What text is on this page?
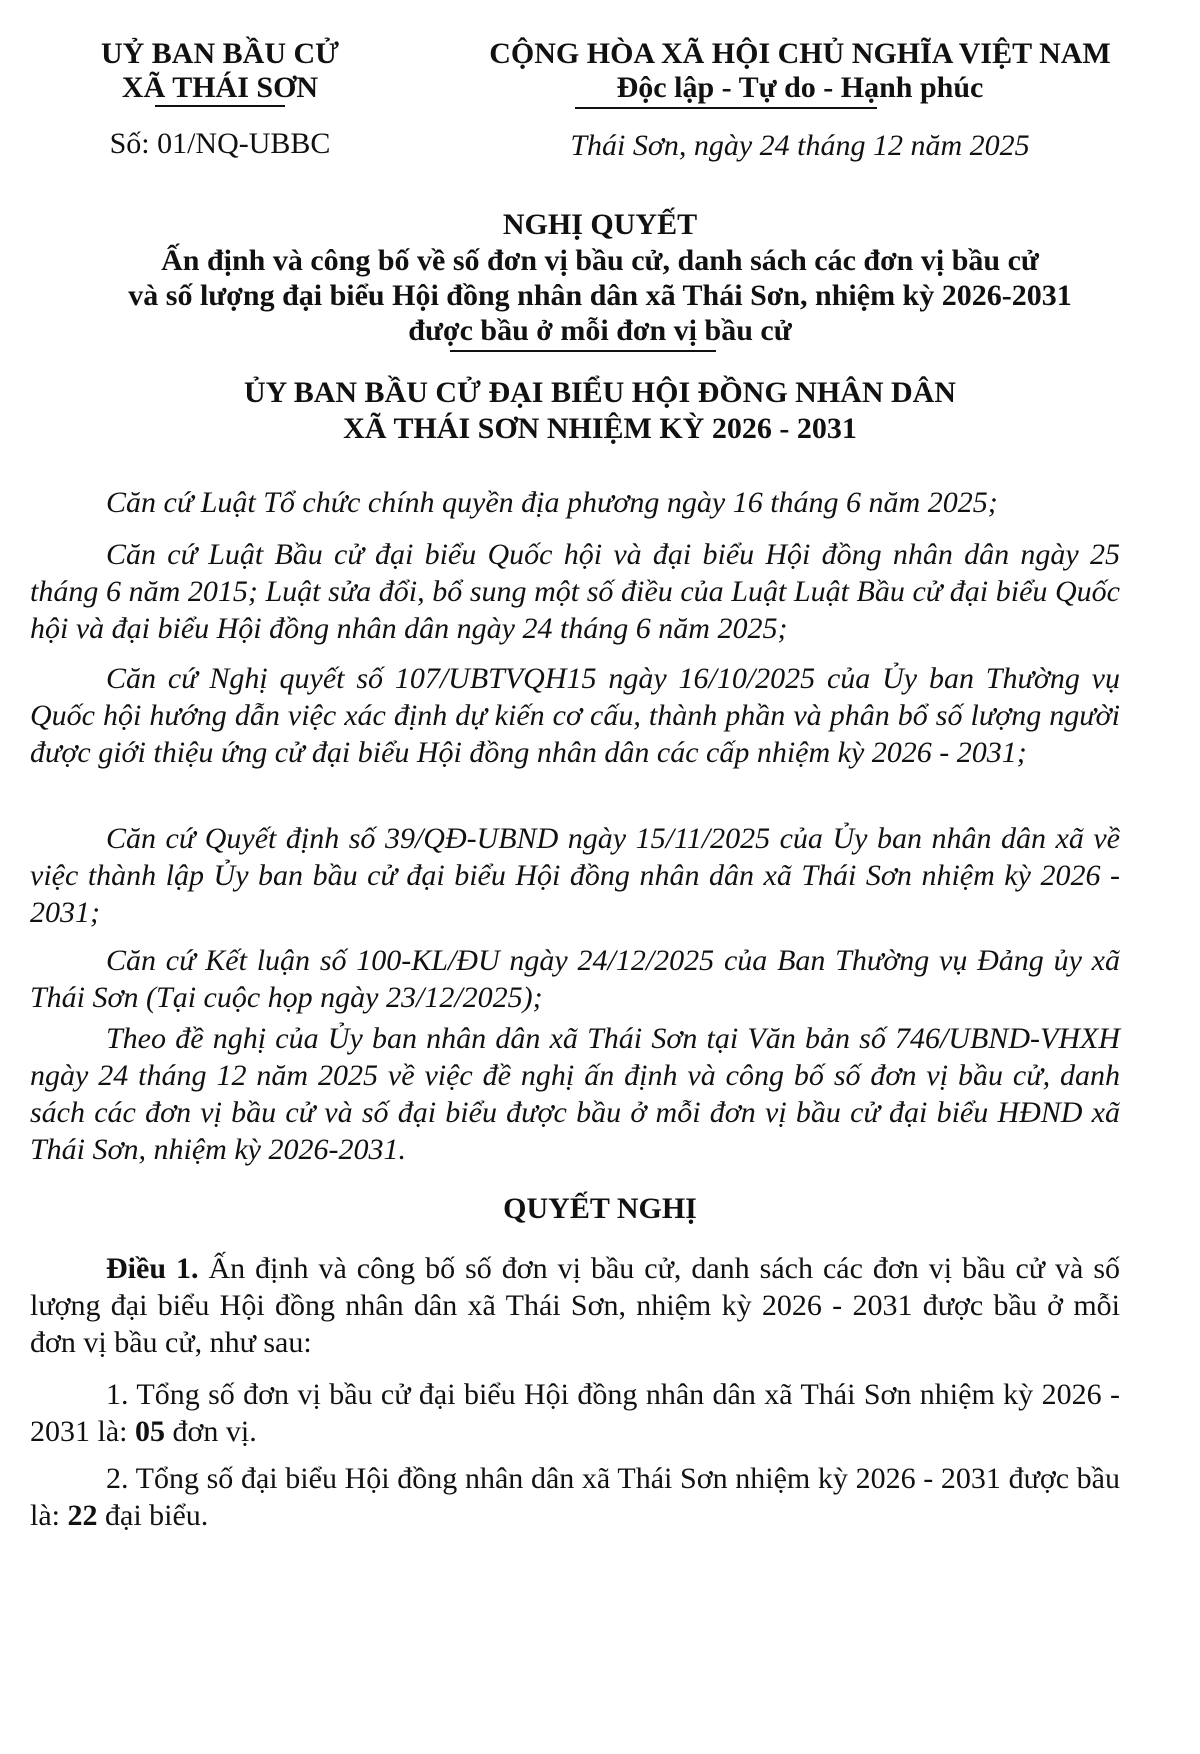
UỶ BAN BẦU CỬ
XÃ THÁI SƠN
Số: 01/NQ-UBBC
CỘNG HÒA XÃ HỘI CHỦ NGHĨA VIỆT NAM
Độc lập - Tự do - Hạnh phúc
Thái Sơn, ngày 24 tháng 12 năm 2025
NGHỊ QUYẾT
Ấn định và công bố về số đơn vị bầu cử, danh sách các đơn vị bầu cử
và số lượng đại biểu Hội đồng nhân dân xã Thái Sơn, nhiệm kỳ 2026-2031
được bầu ở mỗi đơn vị bầu cử
ỦY BAN BẦU CỬ ĐẠI BIỂU HỘI ĐỒNG NHÂN DÂN
XÃ THÁI SƠN NHIỆM KỲ 2026 - 2031
Căn cứ Luật Tổ chức chính quyền địa phương ngày 16 tháng 6 năm 2025;
Căn cứ Luật Bầu cử đại biểu Quốc hội và đại biểu Hội đồng nhân dân ngày 25 tháng 6 năm 2015; Luật sửa đổi, bổ sung một số điều của Luật Luật Bầu cử đại biểu Quốc hội và đại biểu Hội đồng nhân dân ngày 24 tháng 6 năm 2025;
Căn cứ Nghị quyết số 107/UBTVQH15 ngày 16/10/2025 của Ủy ban Thường vụ Quốc hội hướng dẫn việc xác định dự kiến cơ cấu, thành phần và phân bổ số lượng người được giới thiệu ứng cử đại biểu Hội đồng nhân dân các cấp nhiệm kỳ 2026 - 2031;
Căn cứ Quyết định số 39/QĐ-UBND ngày 15/11/2025 của Ủy ban nhân dân xã về việc thành lập Ủy ban bầu cử đại biểu Hội đồng nhân dân xã Thái Sơn nhiệm kỳ 2026 - 2031;
Căn cứ Kết luận số 100-KL/ĐU ngày 24/12/2025 của Ban Thường vụ Đảng ủy xã Thái Sơn (Tại cuộc họp ngày 23/12/2025);
Theo đề nghị của Ủy ban nhân dân xã Thái Sơn tại Văn bản số 746/UBND-VHXH ngày 24 tháng 12 năm 2025 về việc đề nghị ấn định và công bố số đơn vị bầu cử, danh sách các đơn vị bầu cử và số đại biểu được bầu ở mỗi đơn vị bầu cử đại biểu HĐND xã Thái Sơn, nhiệm kỳ 2026-2031.
QUYẾT NGHỊ
Điều 1. Ấn định và công bố số đơn vị bầu cử, danh sách các đơn vị bầu cử và số lượng đại biểu Hội đồng nhân dân xã Thái Sơn, nhiệm kỳ 2026 - 2031 được bầu ở mỗi đơn vị bầu cử, như sau:
1. Tổng số đơn vị bầu cử đại biểu Hội đồng nhân dân xã Thái Sơn nhiệm kỳ 2026 - 2031 là: 05 đơn vị.
2. Tổng số đại biểu Hội đồng nhân dân xã Thái Sơn nhiệm kỳ 2026 - 2031 được bầu là: 22 đại biểu.
